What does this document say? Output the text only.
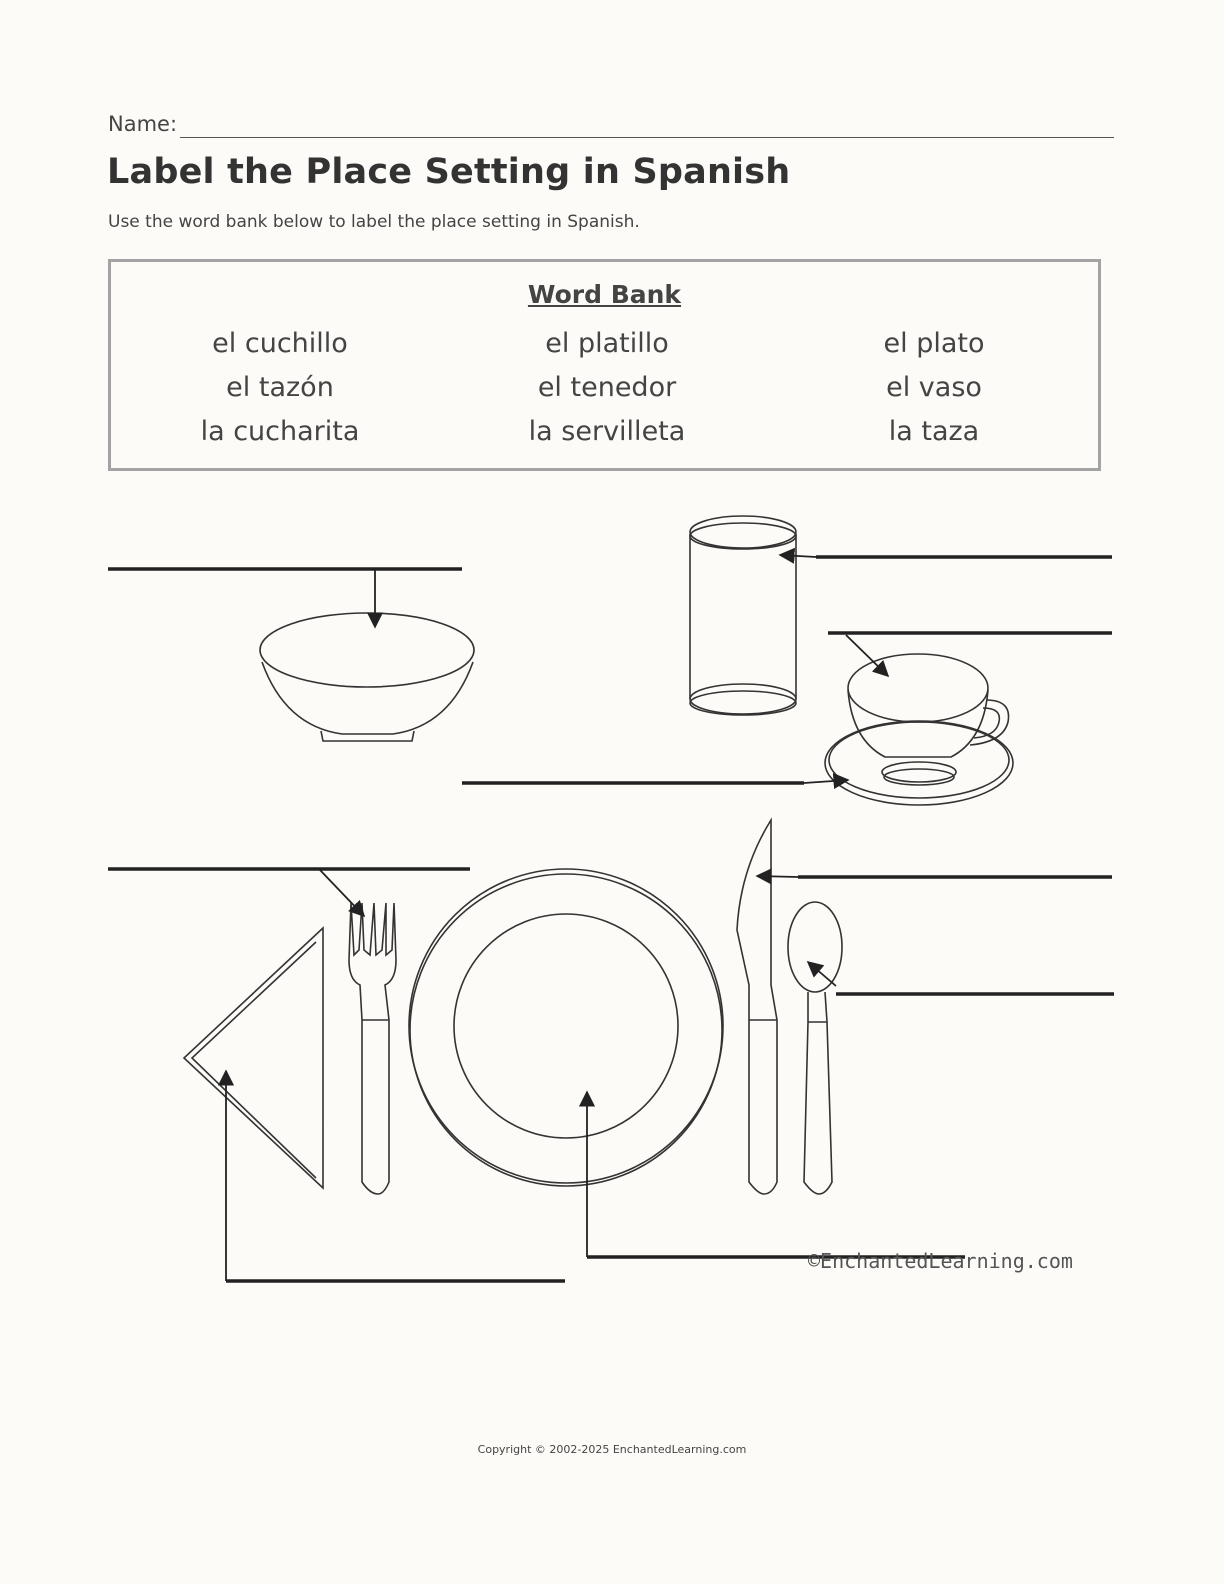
Name:
Label the Place Setting in Spanish
Use the word bank below to label the place setting in Spanish.
Word Bank
el cuchillo	el platillo	el plato
el tazón	el tenedor	el vaso
la cucharita	la servilleta	la taza
©EnchantedLearning.com
Copyright © 2002-2025 EnchantedLearning.com
